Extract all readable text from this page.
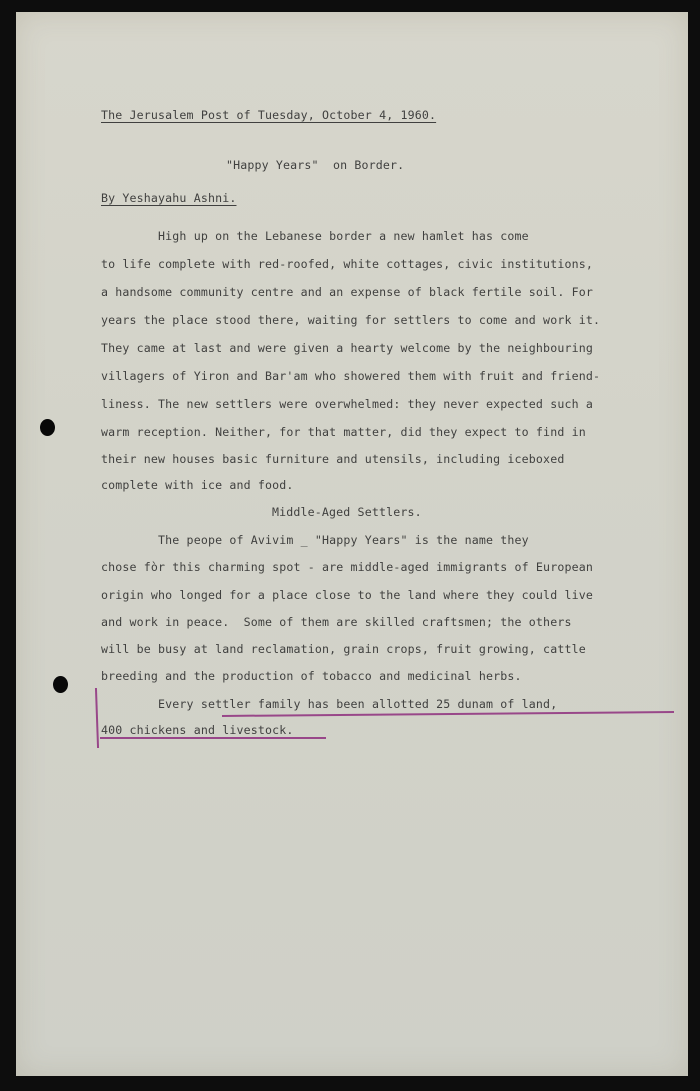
The Jerusalem Post of Tuesday, October 4, 1960.
"Happy Years"  on Border.
By Yeshayahu Ashni.
High up on the Lebanese border a new hamlet has come
to life complete with red-roofed, white cottages, civic institutions,
a handsome community centre and an expense of black fertile soil. For
years the place stood there, waiting for settlers to come and work it.
They came at last and were given a hearty welcome by the neighbouring
villagers of Yiron and Bar'am who showered them with fruit and friend-
liness. The new settlers were overwhelmed: they never expected such a
warm reception. Neither, for that matter, did they expect to find in
their new houses basic furniture and utensils, including iceboxed
complete with ice and food.
Middle-Aged Settlers.
The peope of Avivim _ "Happy Years" is the name they
chose fòr this charming spot - are middle-aged immigrants of European
origin who longed for a place close to the land where they could live
and work in peace.  Some of them are skilled craftsmen; the others
will be busy at land reclamation, grain crops, fruit growing, cattle
breeding and the production of tobacco and medicinal herbs.
Every settler family has been allotted 25 dunam of land,
400 chickens and livestock.
